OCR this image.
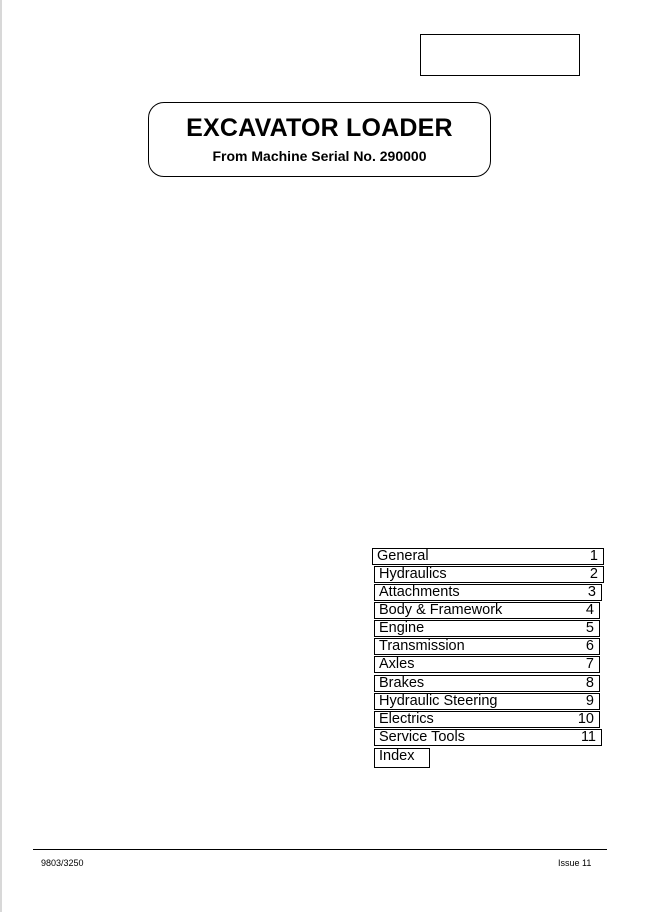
EXCAVATOR LOADER
From Machine Serial No. 290000
General	1
Hydraulics	2
Attachments	3
Body & Framework	4
Engine	5
Transmission	6
Axles	7
Brakes	8
Hydraulic Steering	9
Electrics	10
Service Tools	11
Index
9803/3250	Issue 11
